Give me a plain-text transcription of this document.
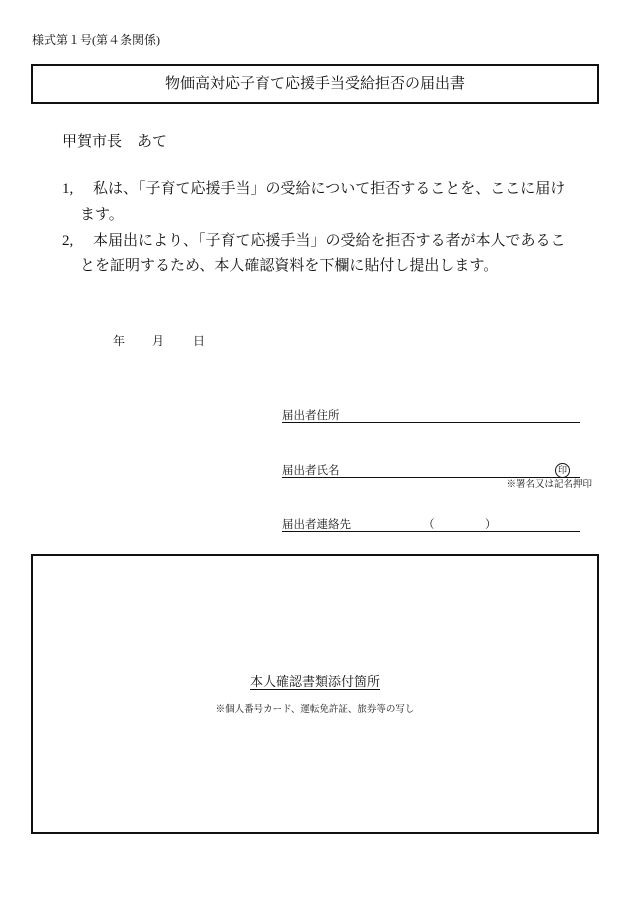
様式第１号(第４条関係)
物価高対応子育て応援手当受給拒否の届出書
甲賀市長　あて
1, 私は、「子育て応援手当」の受給について拒否することを、ここに届け
ます。
2, 本届出により、「子育て応援手当」の受給を拒否する者が本人であるこ
とを証明するため、本人確認資料を下欄に貼付し提出します。
年 月 日
届出者住所
届出者氏名	印
※署名又は記名押印
届出者連絡先	（	）
本人確認書類添付箇所
※個人番号カード、運転免許証、旅券等の写し
